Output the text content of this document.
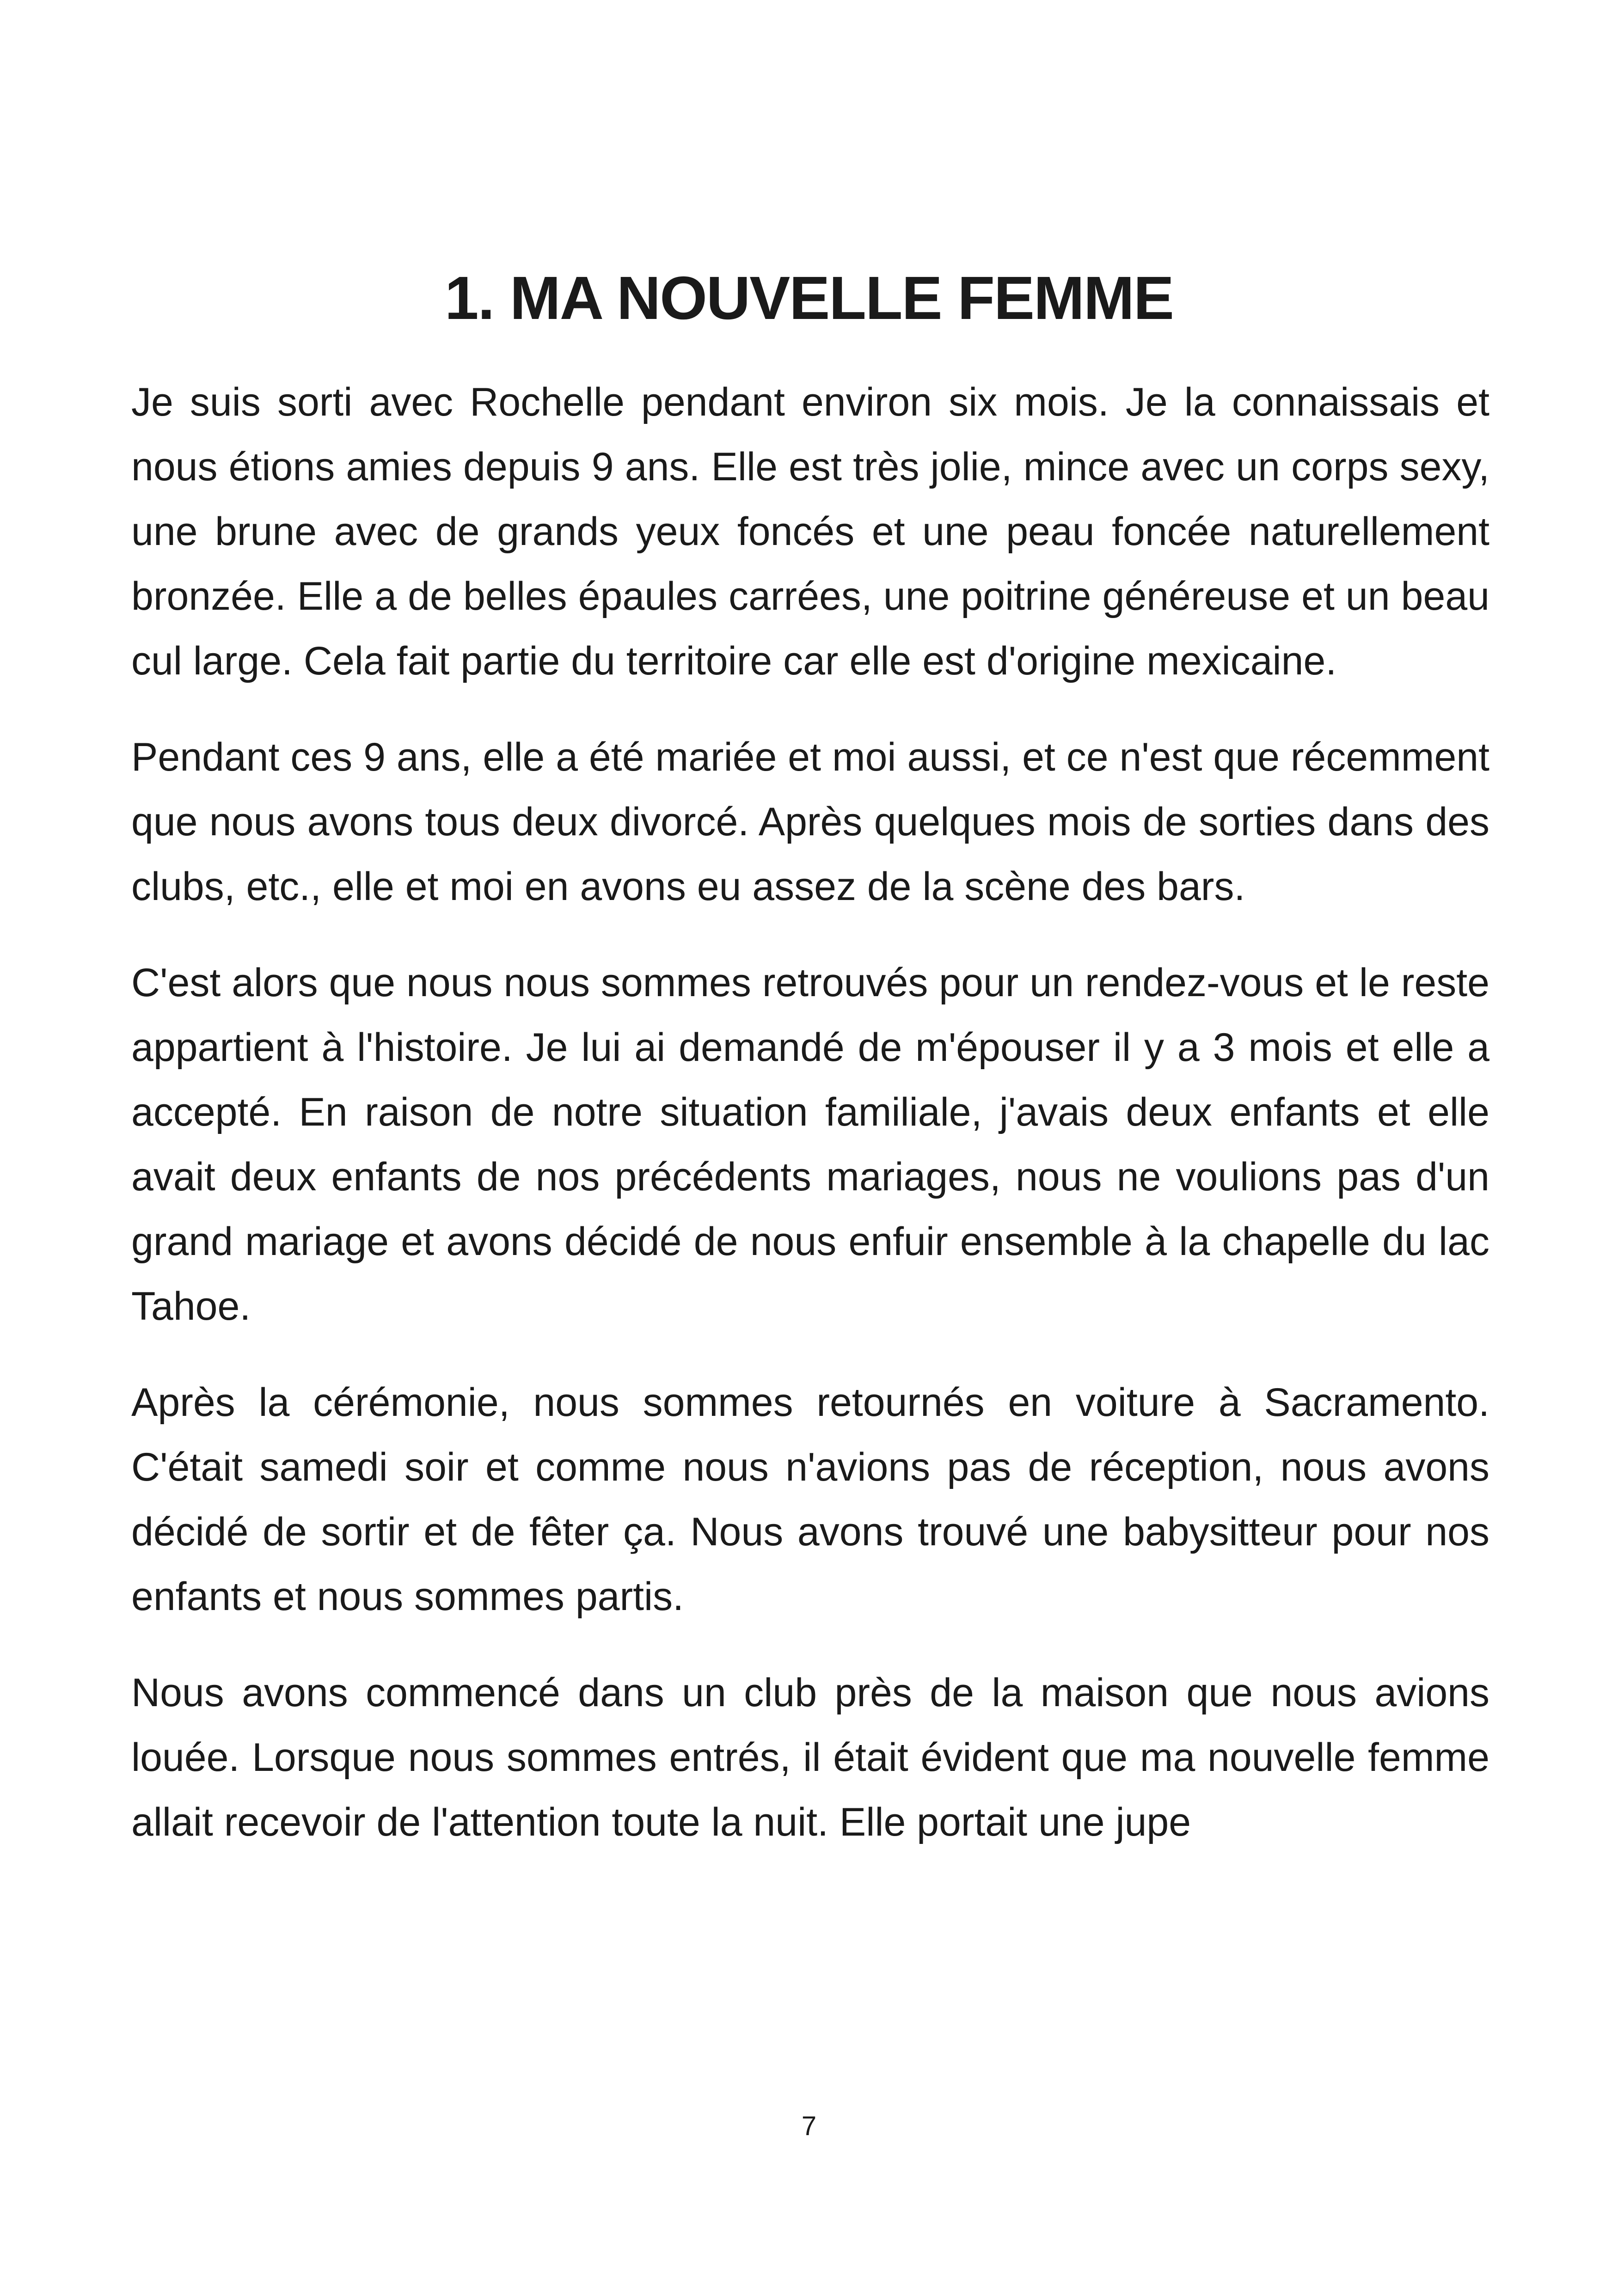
1. MA NOUVELLE FEMME

Je suis sorti avec Rochelle pendant environ six mois. Je la connaissais et nous étions amies depuis 9 ans. Elle est très jolie, mince avec un corps sexy, une brune avec de grands yeux foncés et une peau foncée naturellement bronzée. Elle a de belles épaules carrées, une poitrine généreuse et un beau cul large. Cela fait partie du territoire car elle est d'origine mexicaine.

Pendant ces 9 ans, elle a été mariée et moi aussi, et ce n'est que récemment que nous avons tous deux divorcé. Après quelques mois de sorties dans des clubs, etc., elle et moi en avons eu assez de la scène des bars.

C'est alors que nous nous sommes retrouvés pour un rendez-vous et le reste appartient à l'histoire. Je lui ai demandé de m'épouser il y a 3 mois et elle a accepté. En raison de notre situation familiale, j'avais deux enfants et elle avait deux enfants de nos précédents mariages, nous ne voulions pas d'un grand mariage et avons décidé de nous enfuir ensemble à la chapelle du lac Tahoe.

Après la cérémonie, nous sommes retournés en voiture à Sacramento. C'était samedi soir et comme nous n'avions pas de réception, nous avons décidé de sortir et de fêter ça. Nous avons trouvé une babysitteur pour nos enfants et nous sommes partis.

Nous avons commencé dans un club près de la maison que nous avions louée. Lorsque nous sommes entrés, il était évident que ma nouvelle femme allait recevoir de l'attention toute la nuit. Elle portait une jupe

7
